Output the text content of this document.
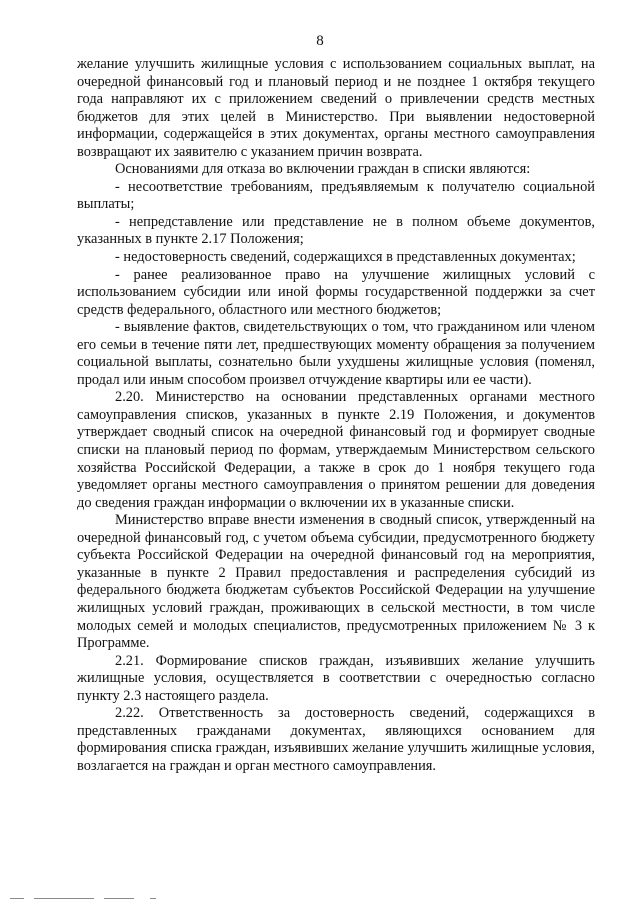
8

желание улучшить жилищные условия с использованием социальных выплат, на очередной финансовый год и плановый период и не позднее 1 октября текущего года направляют их с приложением сведений о привлечении средств местных бюджетов для этих целей в Министерство. При выявлении недостоверной информации, содержащейся в этих документах, органы местного самоуправления возвращают их заявителю с указанием причин возврата.

Основаниями для отказа во включении граждан в списки являются:

- несоответствие требованиям, предъявляемым к получателю социальной выплаты;

- непредставление или представление не в полном объеме документов, указанных в пункте 2.17 Положения;

- недостоверность сведений, содержащихся в представленных документах;

- ранее реализованное право на улучшение жилищных условий с использованием субсидии или иной формы государственной поддержки за счет средств федерального, областного или местного бюджетов;

- выявление фактов, свидетельствующих о том, что гражданином или членом его семьи в течение пяти лет, предшествующих моменту обращения за получением социальной выплаты, сознательно были ухудшены жилищные условия (поменял, продал или иным способом произвел отчуждение квартиры или ее части).

2.20. Министерство на основании представленных органами местного самоуправления списков, указанных в пункте 2.19 Положения, и документов утверждает сводный список на очередной финансовый год и формирует сводные списки на плановый период по формам, утверждаемым Министерством сельского хозяйства Российской Федерации, а также в срок до 1 ноября текущего года уведомляет органы местного самоуправления о принятом решении для доведения до сведения граждан информации о включении их в указанные списки.

Министерство вправе внести изменения в сводный список, утвержденный на очередной финансовый год, с учетом объема субсидии, предусмотренного бюджету субъекта Российской Федерации на очередной финансовый год на мероприятия, указанные в пункте 2 Правил предоставления и распределения субсидий из федерального бюджета бюджетам субъектов Российской Федерации на улучшение жилищных условий граждан, проживающих в сельской местности, в том числе молодых семей и молодых специалистов, предусмотренных приложением № 3 к Программе.

2.21. Формирование списков граждан, изъявивших желание улучшить жилищные условия, осуществляется в соответствии с очередностью согласно пункту 2.3 настоящего раздела.

2.22. Ответственность за достоверность сведений, содержащихся в представленных гражданами документах, являющихся основанием для формирования списка граждан, изъявивших желание улучшить жилищные условия, возлагается на граждан и орган местного самоуправления.
